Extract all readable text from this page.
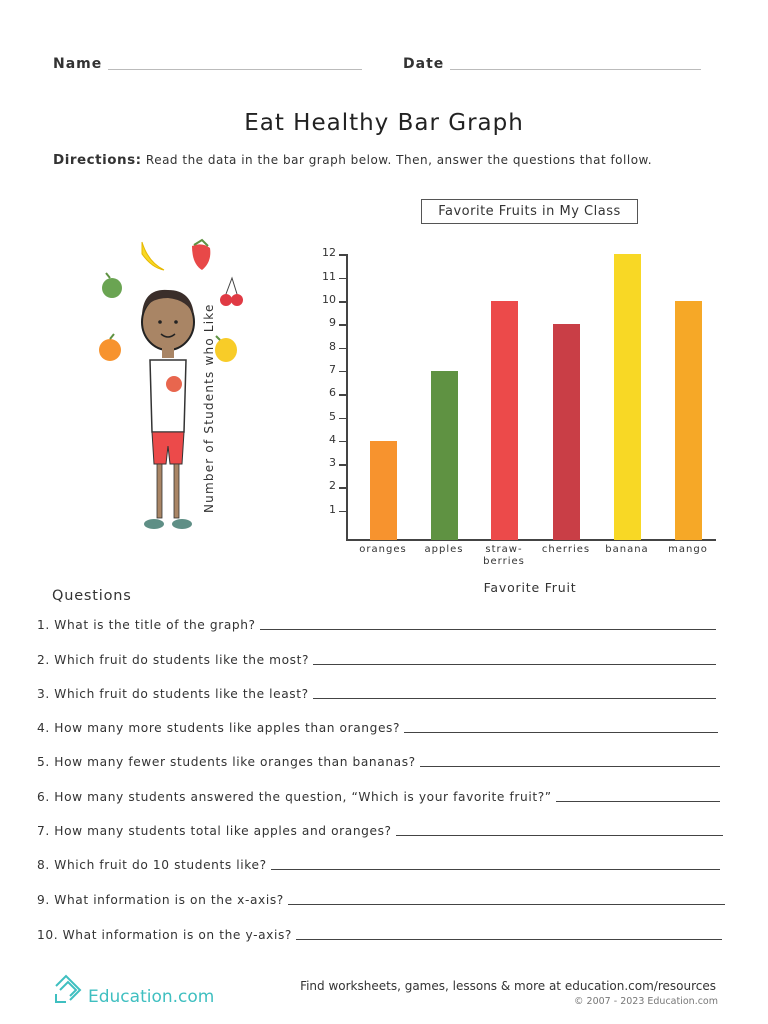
Name	Date
Eat Healthy Bar Graph
Directions: Read the data in the bar graph below. Then, answer the questions that follow.
Favorite Fruits in My Class
Number of Students who Like	1
2
3
4
5
6
7
8
9
10
11
12
oranges	apples	straw-
berries
cherries	banana	mango
Favorite Fruit
Questions
1. What is the title of the graph?
2. Which fruit do students like the most?
3. Which fruit do students like the least?
4. How many more students like apples than oranges?
5. How many fewer students like oranges than bananas?
6. How many students answered the question, “Which is your favorite fruit?”
7. How many students total like apples and oranges?
8. Which fruit do 10 students like?
9. What information is on the x-axis?
10. What information is on the y-axis?
Education.com
Find worksheets, games, lessons & more at education.com/resources
© 2007 - 2023 Education.com
